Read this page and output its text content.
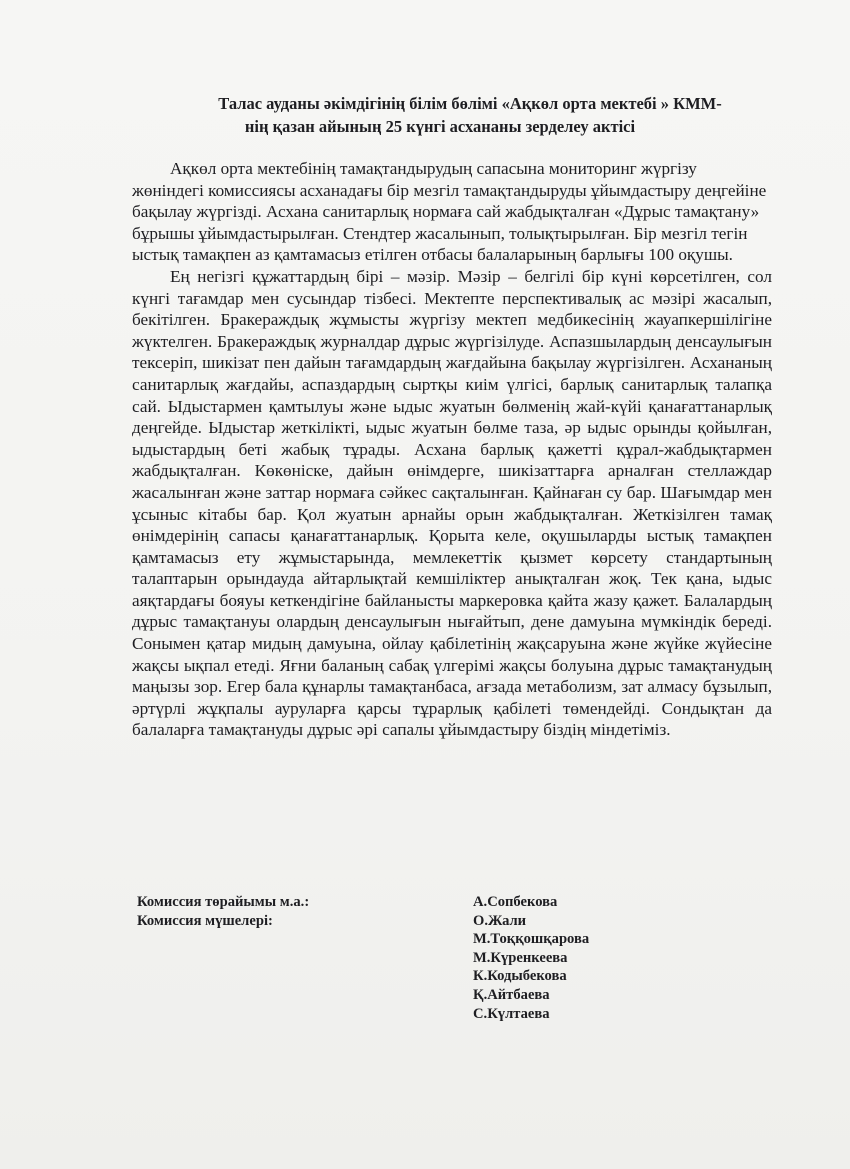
Талас ауданы әкімдігінің білім бөлімі «Ақкөл орта мектебі » КММ-
нің қазан айының 25 күнгі асхананы зерделеу актісі

Ақкөл орта мектебінің тамақтандырудың сапасына мониторинг жүргізу жөніндегі комиссиясы асханадағы бір мезгіл тамақтандыруды ұйымдастыру деңгейіне бақылау жүргізді. Асхана санитарлық нормаға сай жабдықталған «Дұрыс тамақтану» бұрышы ұйымдастырылған. Стендтер жасалынып, толықтырылған. Бір мезгіл тегін ыстық тамақпен аз қамтамасыз етілген отбасы балаларының барлығы 100 оқушы.

Ең негізгі құжаттардың бірі – мәзір. Мәзір – белгілі бір күні көрсетілген, сол күнгі тағамдар мен сусындар тізбесі. Мектепте перспективалық ас мәзірі жасалып, бекітілген. Бракераждық жұмысты жүргізу мектеп медбикесінің жауапкершілігіне жүктелген. Бракераждық журналдар дұрыс жүргізілуде. Аспазшылардың денсаулығын тексеріп, шикізат пен дайын тағамдардың жағдайына бақылау жүргізілген. Асхананың санитарлық жағдайы, аспаздардың сыртқы киім үлгісі, барлық санитарлық талапқа сай. Ыдыстармен қамтылуы және ыдыс жуатын бөлменің жай-күйі қанағаттанарлық деңгейде. Ыдыстар жеткілікті, ыдыс жуатын бөлме таза, әр ыдыс орынды қойылған, ыдыстардың беті жабық тұрады. Асхана барлық қажетті құрал-жабдықтармен жабдықталған. Көкөніске, дайын өнімдерге, шикізаттарға арналған стеллаждар жасалынған және заттар нормаға сәйкес сақталынған. Қайнаған су бар. Шағымдар мен ұсыныс кітабы бар. Қол жуатын арнайы орын жабдықталған. Жеткізілген тамақ өнімдерінің сапасы қанағаттанарлық. Қорыта келе, оқушыларды ыстық тамақпен қамтамасыз ету жұмыстарында, мемлекеттік қызмет көрсету стандартының талаптарын орындауда айтарлықтай кемшіліктер анықталған жоқ. Тек қана, ыдыс аяқтардағы бояуы кеткендігіне байланысты маркеровка қайта жазу қажет. Балалардың дұрыс тамақтануы олардың денсаулығын нығайтып, дене дамуына мүмкіндік береді. Сонымен қатар мидың дамуына, ойлау қабілетінің жақсаруына және жүйке жүйесіне жақсы ықпал етеді. Яғни баланың сабақ үлгерімі жақсы болуына дұрыс тамақтанудың маңызы зор. Егер бала құнарлы тамақтанбаса, ағзада метаболизм, зат алмасу бұзылып, әртүрлі жұқпалы ауруларға қарсы тұрарлық қабілеті төмендейді. Сондықтан да балаларға тамақтануды дұрыс әрі сапалы ұйымдастыру біздің міндетіміз.

Комиссия төрайымы м.а.:
Комиссия мүшелері:
А.Сопбекова
О.Жали
М.Тоққошқарова
М.Күренкеева
К.Кодыбекова
Қ.Айтбаева
С.Күлтаева
